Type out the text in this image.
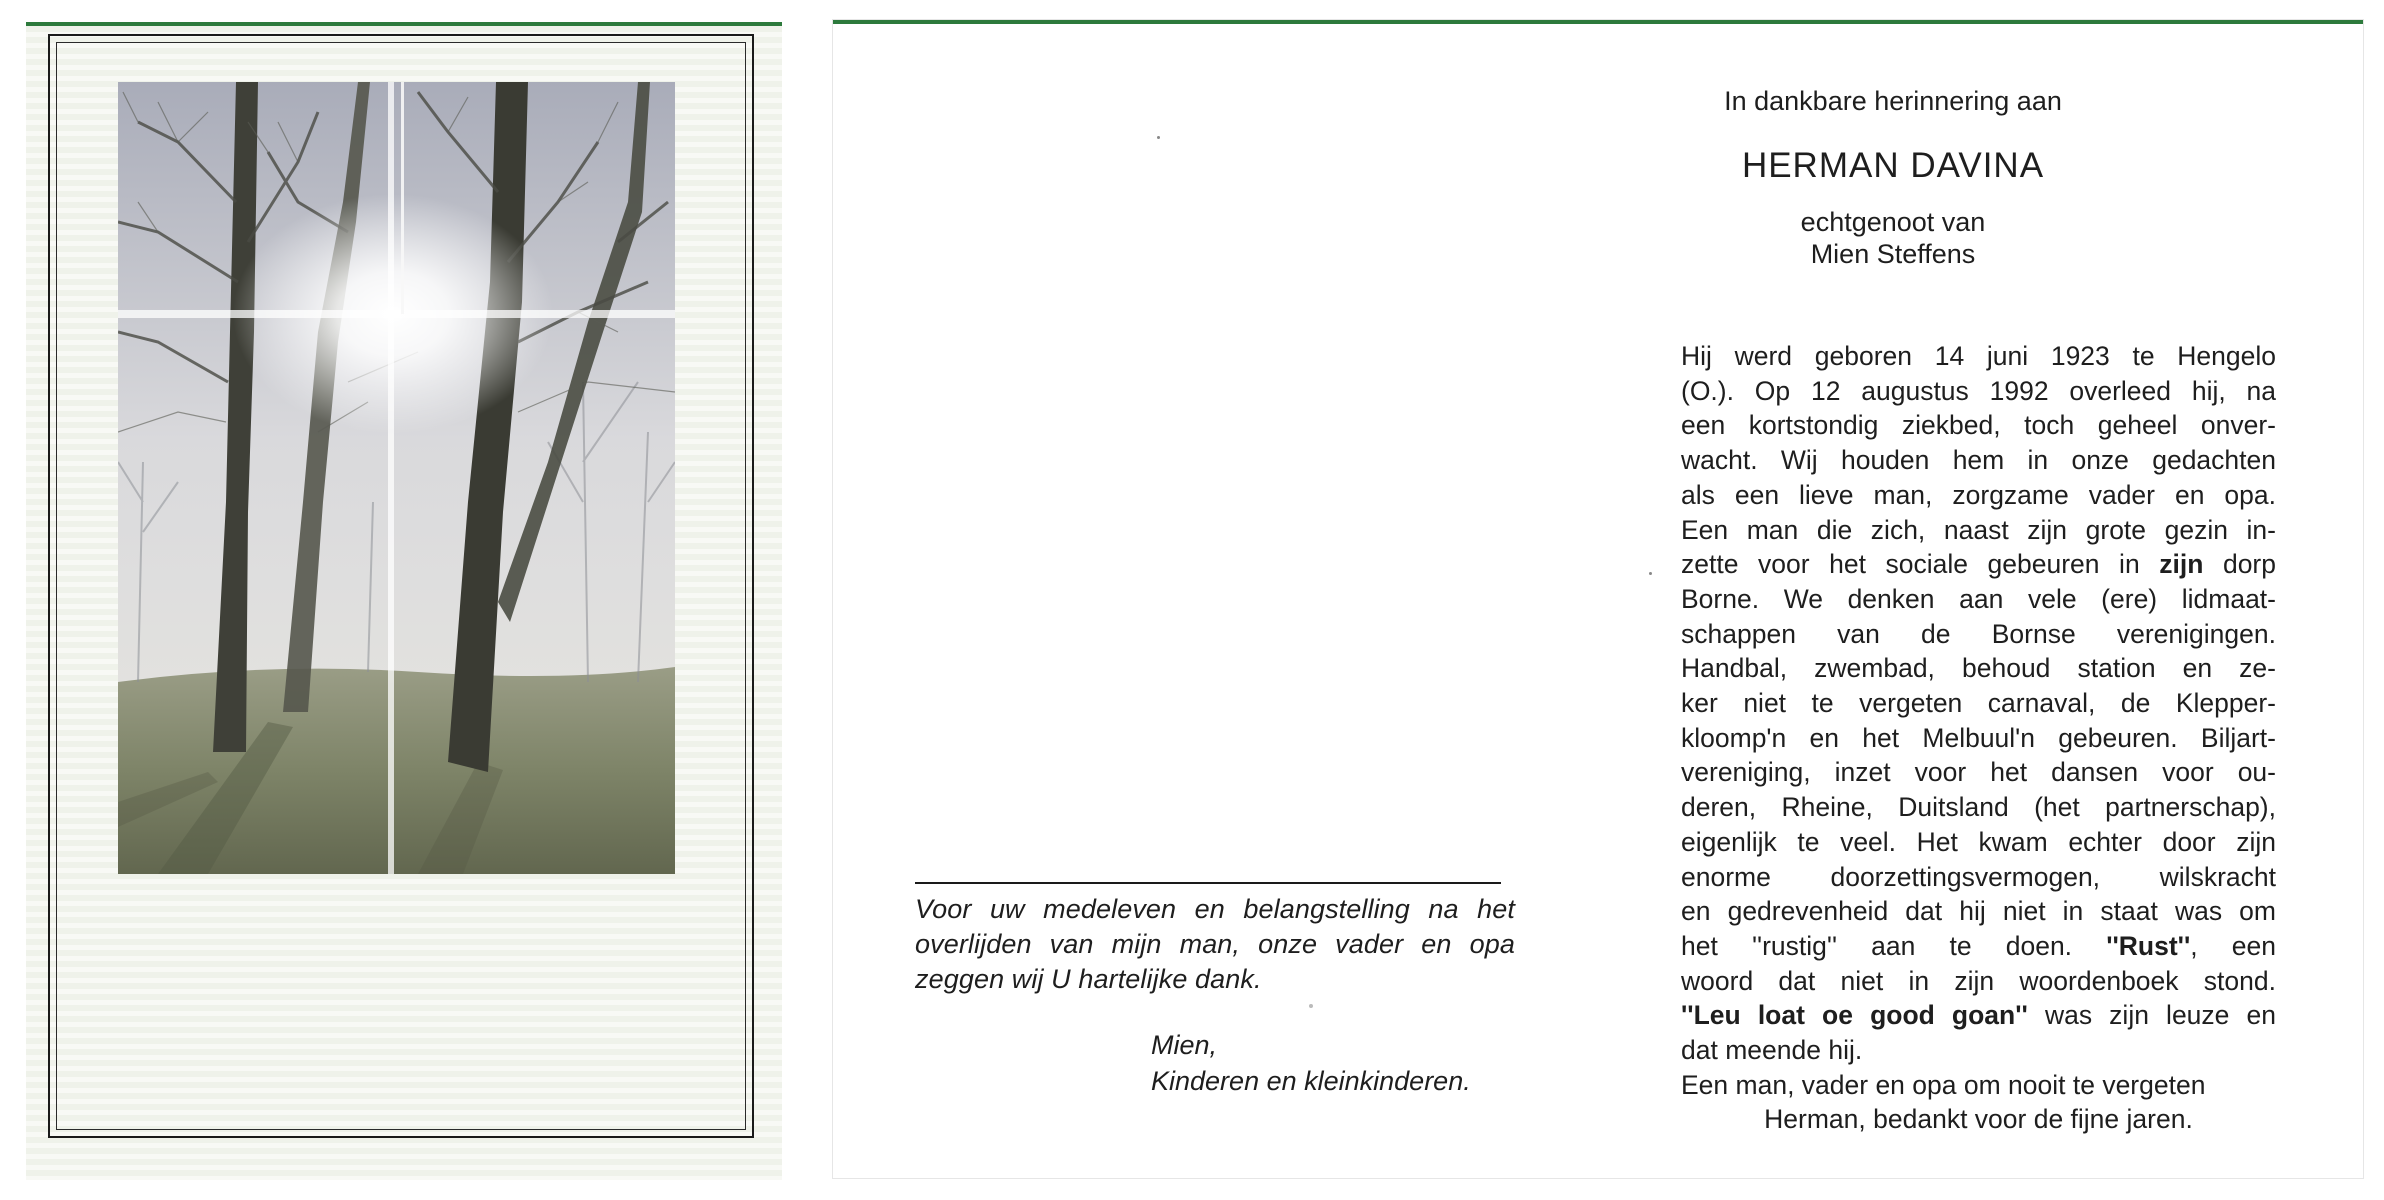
Voor uw medeleven en belangstelling na het overlijden van mijn man, onze vader en opa zeggen wij U hartelijke dank.
Mien,
Kinderen en kleinkinderen.
In dankbare herinnering aan
HERMAN DAVINA
echtgenoot van
Mien Steffens
Hij werd geboren 14 juni 1923 te Hengelo
(O.). Op 12 augustus 1992 overleed hij, na
een kortstondig ziekbed, toch geheel onver-
wacht. Wij houden hem in onze gedachten
als een lieve man, zorgzame vader en opa.
Een man die zich, naast zijn grote gezin in-
zette voor het sociale gebeuren in zijn dorp
Borne. We denken aan vele (ere) lidmaat-
schappen van de Bornse verenigingen.
Handbal, zwembad, behoud station en ze-
ker niet te vergeten carnaval, de Klepper-
kloomp'n en het Melbuul'n gebeuren. Biljart-
vereniging, inzet voor het dansen voor ou-
deren, Rheine, Duitsland (het partnerschap),
eigenlijk te veel. Het kwam echter door zijn
enorme doorzettingsvermogen, wilskracht
en gedrevenheid dat hij niet in staat was om
het ''rustig'' aan te doen. ''Rust'', een
woord dat niet in zijn woordenboek stond.
''Leu loat oe good goan'' was zijn leuze en
dat meende hij.
Een man, vader en opa om nooit te vergeten
Herman, bedankt voor de fijne jaren.
